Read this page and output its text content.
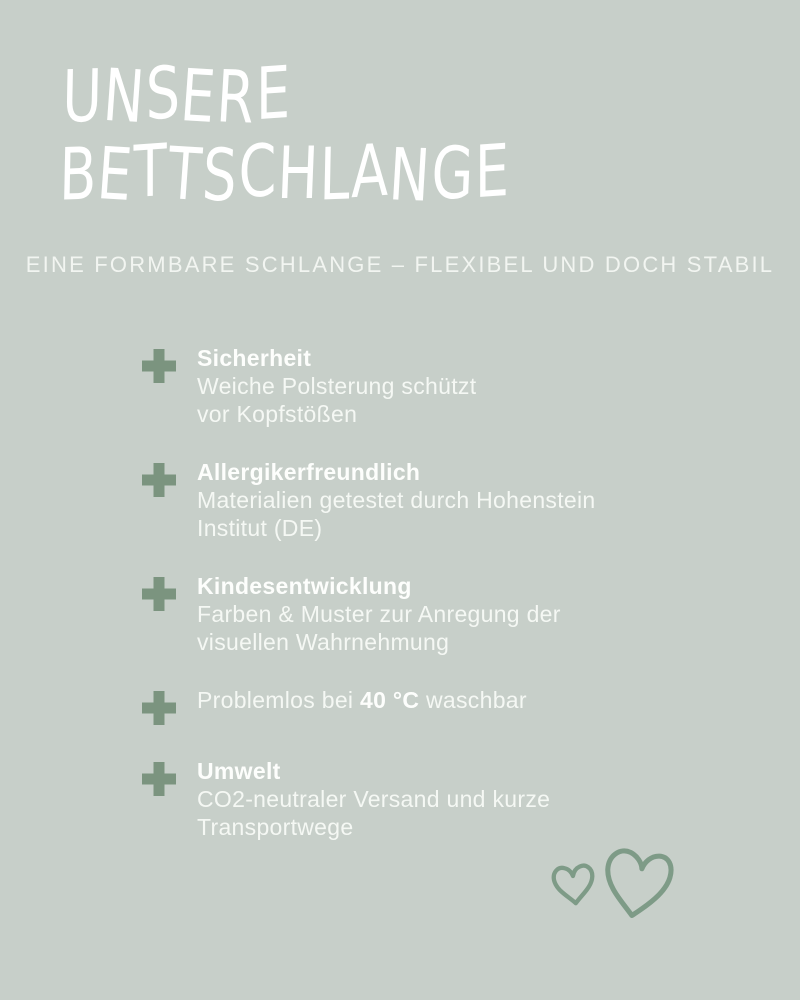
UNSERE
BETTSCHLANGE

EINE FORMBARE SCHLANGE – FLEXIBEL UND DOCH STABIL

Sicherheit
Weiche Polsterung schützt
vor Kopfstößen
Allergikerfreundlich
Materialien getestet durch Hohenstein
Institut (DE)
Kindesentwicklung
Farben & Muster zur Anregung der
visuellen Wahrnehmung
Problemlos bei 40 °C waschbar
Umwelt
CO2-neutraler Versand und kurze
Transportwege
